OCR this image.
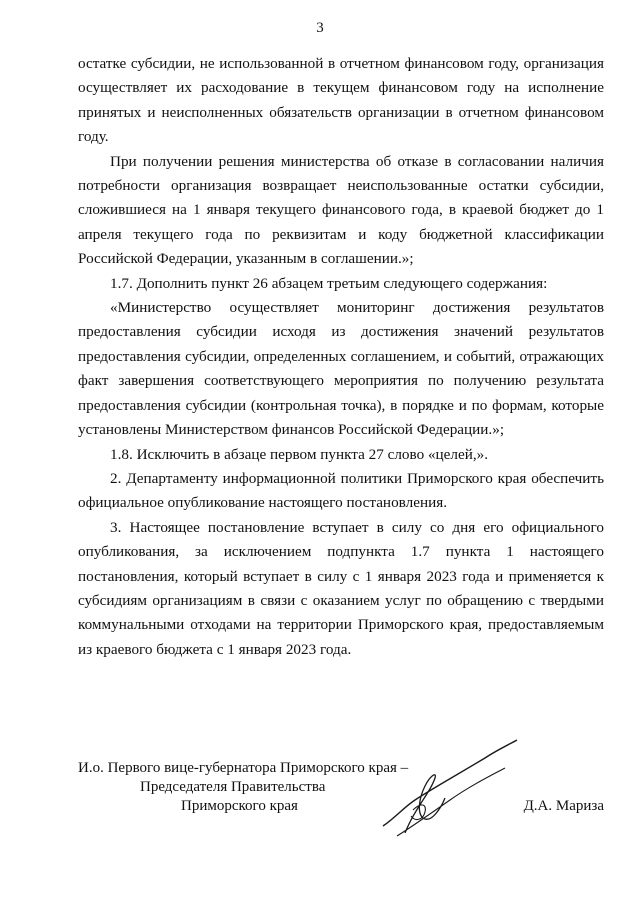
3

остатке субсидии, не использованной в отчетном финансовом году, организация осуществляет их расходование в текущем финансовом году на исполнение принятых и неисполненных обязательств организации в отчетном финансовом году.

При получении решения министерства об отказе в согласовании наличия потребности организация возвращает неиспользованные остатки субсидии, сложившиеся на 1 января текущего финансового года, в краевой бюджет до 1 апреля текущего года по реквизитам и коду бюджетной классификации Российской Федерации, указанным в соглашении.»;

1.7. Дополнить пункт 26 абзацем третьим следующего содержания:

«Министерство осуществляет мониторинг достижения результатов предоставления субсидии исходя из достижения значений результатов предоставления субсидии, определенных соглашением, и событий, отражающих факт завершения соответствующего мероприятия по получению результата предоставления субсидии (контрольная точка), в порядке и по формам, которые установлены Министерством финансов Российской Федерации.»;

1.8. Исключить в абзаце первом пункта 27 слово «целей,».

2. Департаменту информационной политики Приморского края обеспечить официальное опубликование настоящего постановления.

3. Настоящее постановление вступает в силу со дня его официального опубликования, за исключением подпункта 1.7 пункта 1 настоящего постановления, который вступает в силу с 1 января 2023 года и применяется к субсидиям организациям в связи с оказанием услуг по обращению с твердыми коммунальными отходами на территории Приморского края, предоставляемым из краевого бюджета с 1 января 2023 года.

И.о. Первого вице-губернатора Приморского края –
Председателя Правительства
Приморского края	Д.А. Мариза
